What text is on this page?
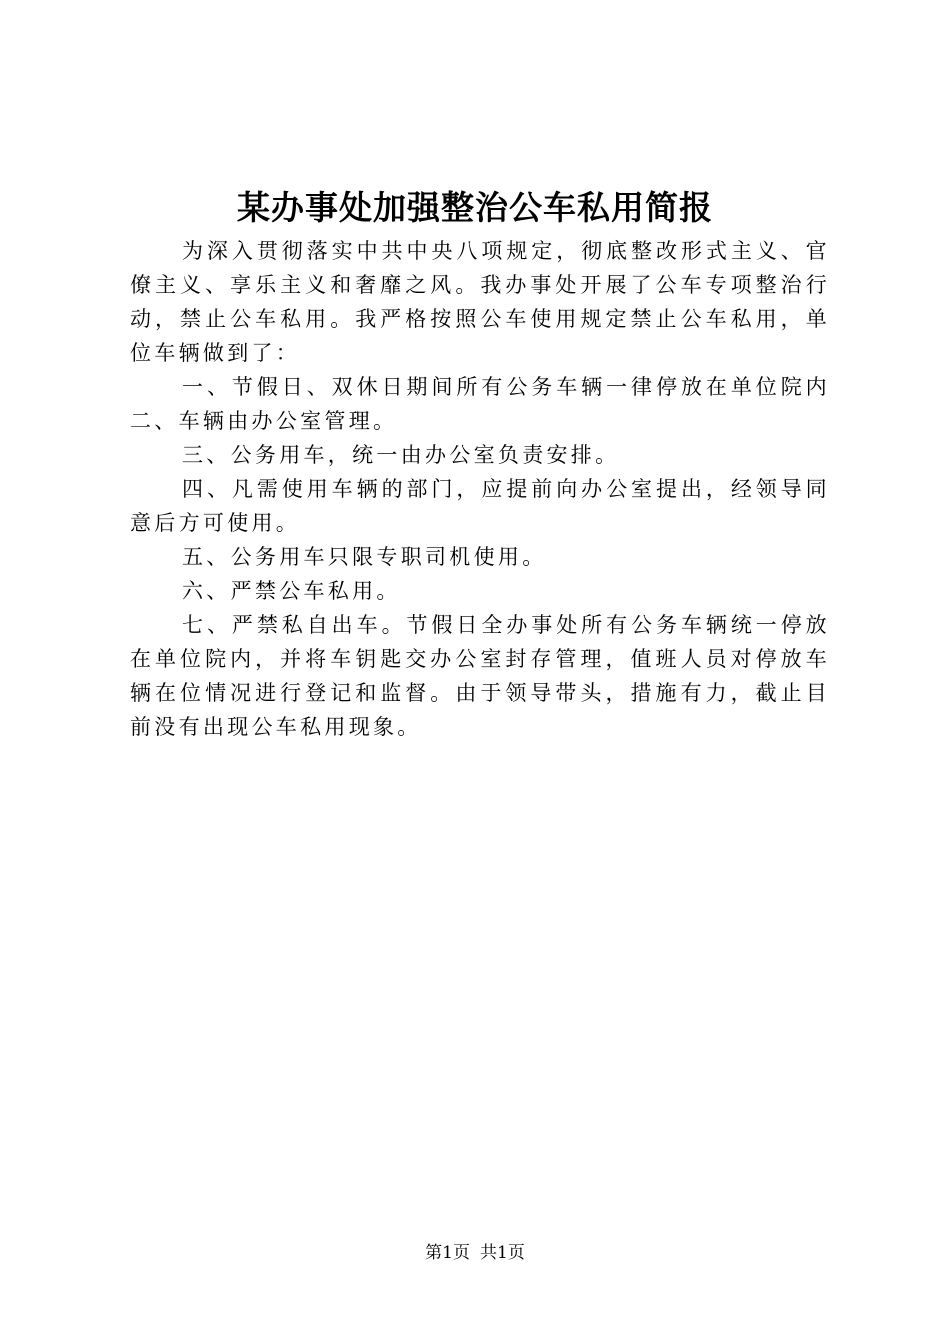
某办事处加强整治公车私用简报

为深入贯彻落实中共中央八项规定，彻底整改形式主义、官僚主义、享乐主义和奢靡之风。我办事处开展了公车专项整治行动，禁止公车私用。我严格按照公车使用规定禁止公车私用，单位车辆做到了：

一、节假日、双休日期间所有公务车辆一律停放在单位院内二、车辆由办公室管理。

三、公务用车，统一由办公室负责安排。

四、凡需使用车辆的部门，应提前向办公室提出，经领导同意后方可使用。

五、公务用车只限专职司机使用。

六、严禁公车私用。

七、严禁私自出车。节假日全办事处所有公务车辆统一停放在单位院内，并将车钥匙交办公室封存管理，值班人员对停放车辆在位情况进行登记和监督。由于领导带头，措施有力，截止目前没有出现公车私用现象。

第1页 共1页
